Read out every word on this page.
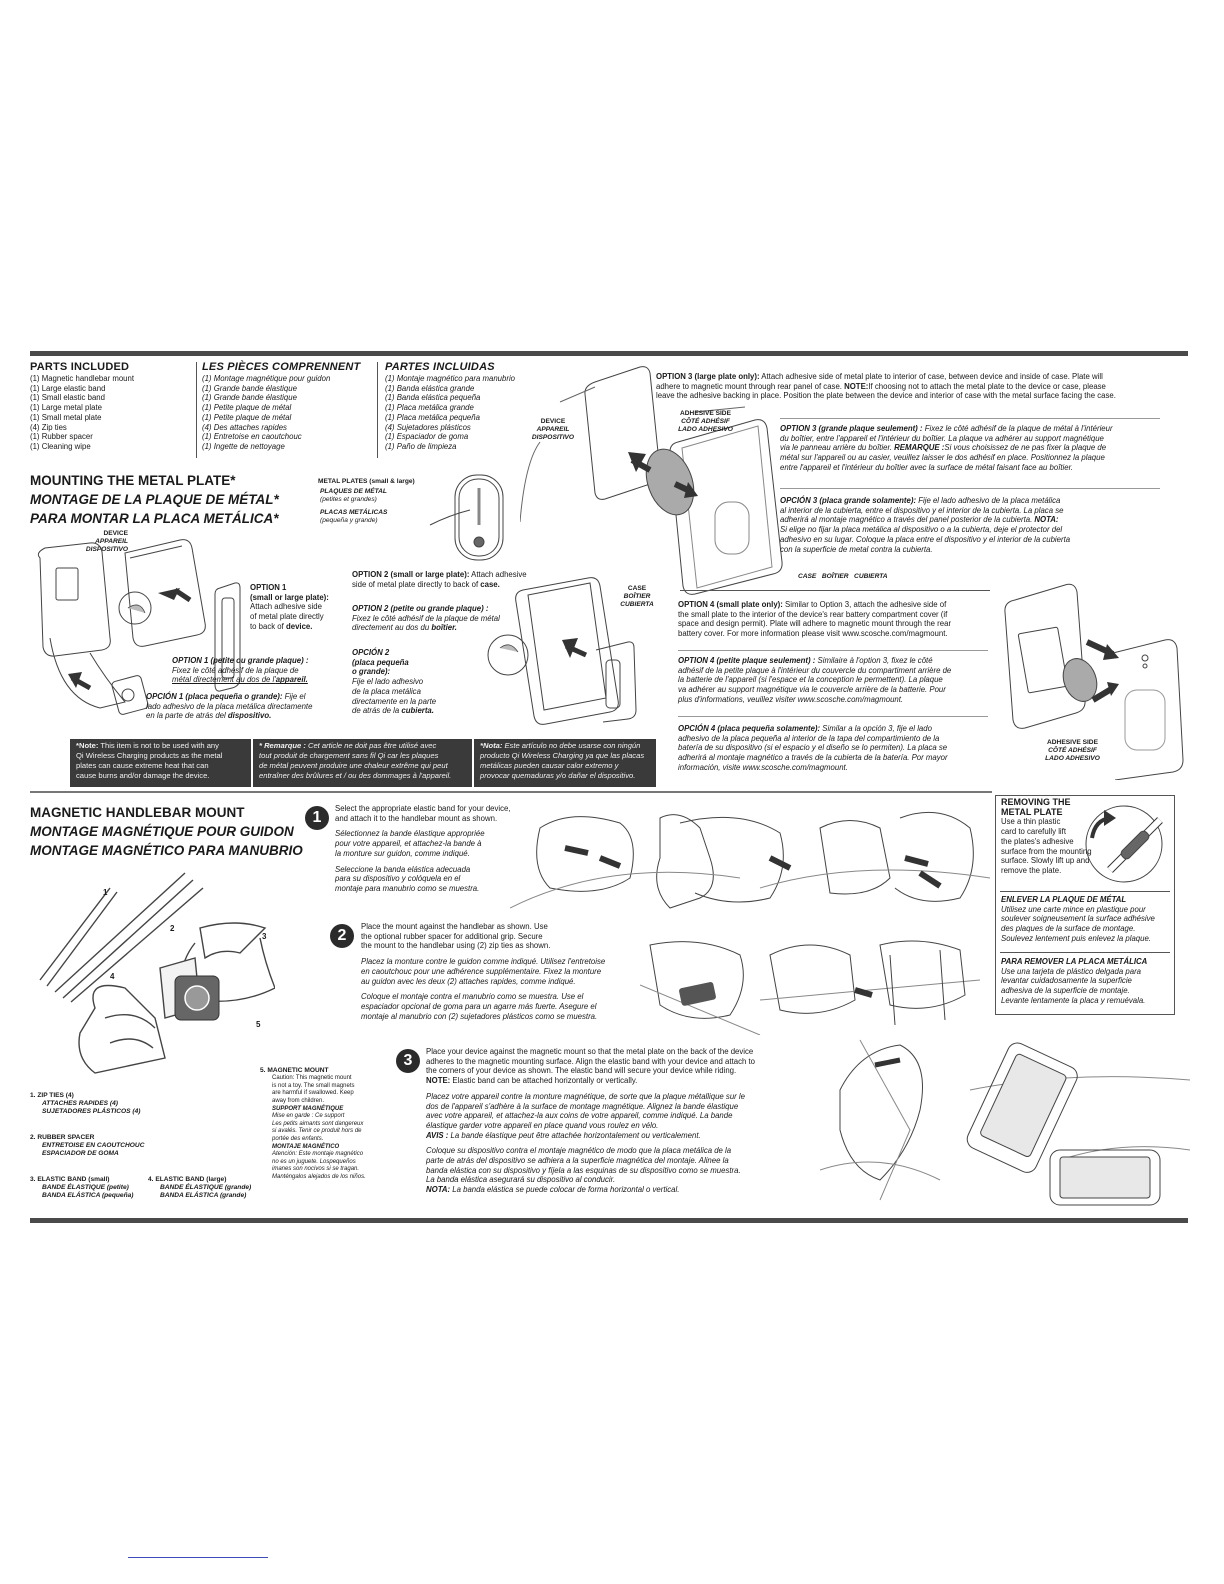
PARTS INCLUDED
(1) Magnetic handlebar mount
(1) Large elastic band
(1) Small elastic band
(1) Large metal plate
(1) Small metal plate
(4) Zip ties
(1) Rubber spacer
(1) Cleaning wipe
LES PIÈCES COMPRENNENT
(1) Montage magnétique pour guidon
(1) Grande bande élastique
(1) Grande bande élastique
(1) Petite plaque de métal
(1) Petite plaque de métal
(4) Des attaches rapides
(1) Entretoise en caoutchouc
(1) Ingette de nettoyage
PARTES INCLUIDAS
(1) Montaje magnético para manubrio
(1) Banda elástica grande
(1) Banda elástica pequeña
(1) Placa metálica grande
(1) Placa metálica pequeña
(4) Sujetadores plásticos
(1) Espaciador de goma
(1) Paño de limpieza
MOUNTING THE METAL PLATE*
MONTAGE DE LA PLAQUE DE MÉTAL*
PARA MONTAR LA PLACA METÁLICA*
DEVICE
APPAREIL
DISPOSITIVO
OPTION 1
(small or large plate):
Attach adhesive side
of metal plate directly
to back of device.
OPTION 1 (petite ou grande plaque) :
Fixez le côté adhésif de la plaque de
métal directement au dos de l'appareil.
OPCIÓN 1 (placa pequeña o grande): Fije el
lado adhesivo de la placa metálica directamente
en la parte de atrás del dispositivo.
METAL PLATES (small & large)
PLAQUES DE MÉTAL
(petites et grandes)
PLACAS METÁLICAS
(pequeña y grande)
OPTION 2 (small or large plate): Attach adhesive
side of metal plate directly to back of case.
OPTION 2 (petite ou grande plaque) :
Fixez le côté adhésif de la plaque de métal
directement au dos du boîtier.
OPCIÓN 2
(placa pequeña
o grande):
Fije el lado adhesivo
de la placa metálica
directamente en la parte
de atrás de la cubierta.
CASE
BOÎTIER
CUBIERTA
*Note: This item is not to be used with any
Qi Wireless Charging products as the metal
plates can cause extreme heat that can
cause burns and/or damage the device.
* Remarque : Cet article ne doit pas être utilisé avec
tout produit de chargement sans fil Qi car les plaques
de métal peuvent produire une chaleur extrême qui peut
entraîner des brûlures et / ou des dommages à l'appareil.
*Nota: Este artículo no debe usarse con ningún
producto Qi Wireless Charging ya que las placas
metálicas pueden causar calor extremo y
provocar quemaduras y/o dañar el dispositivo.
DEVICE
APPAREIL
DISPOSITIVO
ADHESIVE SIDE
CÔTÉ ADHÉSIF
LADO ADHESIVO
OPTION 3 (large plate only): Attach adhesive side of metal plate to interior of case, between device and inside of case. Plate will
adhere to magnetic mount through rear panel of case. NOTE:If choosing not to attach the metal plate to the device or case, please
leave the adhesive backing in place. Position the plate between the device and interior of case with the metal surface facing the case.
OPTION 3 (grande plaque seulement) : Fixez le côté adhésif de la plaque de métal à l'intérieur
du boîtier, entre l'appareil et l'intérieur du boîtier. La plaque va adhérer au support magnétique
via le panneau arrière du boîtier. REMARQUE :Si vous choisissez de ne pas fixer la plaque de
métal sur l'appareil ou au casier, veuillez laisser le dos adhésif en place. Positionnez la plaque
entre l'appareil et l'intérieur du boîtier avec la surface de métal faisant face au boîtier.
OPCIÓN 3 (placa grande solamente): Fije el lado adhesivo de la placa metálica
al interior de la cubierta, entre el dispositivo y el interior de la cubierta. La placa se
adherirá al montaje magnético a través del panel posterior de la cubierta. NOTA:
Si elige no fijar la placa metálica al dispositivo o a la cubierta, deje el protector del
adhesivo en su lugar. Coloque la placa entre el dispositivo y el interior de la cubierta
con la superficie de metal contra la cubierta.
CASE   BOÎTIER   CUBIERTA
OPTION 4 (small plate only): Similar to Option 3, attach the adhesive side of
the small plate to the interior of the device's rear battery compartment cover (if
space and design permit). Plate will adhere to magnetic mount through the rear
battery cover. For more information please visit www.scosche.com/magmount.
OPTION 4 (petite plaque seulement) : Similaire à l'option 3, fixez le côté
adhésif de la petite plaque à l'intérieur du couvercle du compartiment arrière de
la batterie de l'appareil (si l'espace et la conception le permettent). La plaque
va adhérer au support magnétique via le couvercle arrière de la batterie. Pour
plus d'informations, veuillez visiter www.scosche.com/magmount.
OPCIÓN 4 (placa pequeña solamente): Similar a la opción 3, fije el lado
adhesivo de la placa pequeña al interior de la tapa del compartimiento de la
batería de su dispositivo (si el espacio y el diseño se lo permiten). La placa se
adherirá al montaje magnético a través de la cubierta de la batería. Por mayor
información, visite www.scosche.com/magmount.
ADHESIVE SIDE
CÔTÉ ADHÉSIF
LADO ADHESIVO
MAGNETIC HANDLEBAR MOUNT
MONTAGE MAGNÉTIQUE POUR GUIDON
MONTAGE MAGNÉTICO PARA MANUBRIO
1
2
3
4
5
1. ZIP TIES (4)
ATTACHES RAPIDES (4)
SUJETADORES PLÁSTICOS (4)
2. RUBBER SPACER
ENTRETOISE EN CAOUTCHOUC
ESPACIADOR DE GOMA
3. ELASTIC BAND (small)
BANDE ÉLASTIQUE (petite)
BANDA ELÁSTICA (pequeña)
4. ELASTIC BAND (large)
BANDE ÉLASTIQUE (grande)
BANDA ELÁSTICA (grande)
5. MAGNETIC MOUNT
Caution: This magnetic mount
is not a toy. The small magnets
are harmful if swallowed. Keep
away from children.
SUPPORT MAGNÉTIQUE
Mise en garde : Ce support
Les petits aimants sont dangereux
si avalés. Tenir ce produit hors de
portée des enfants.
MONTAJE MAGNÉTICO
Atención: Este montaje magnético
no es un juguete. Lospequeños
imanes son nocivos si se tragan.
Manténgalos alejados de los niños.
1
Select the appropriate elastic band for your device,
and attach it to the handlebar mount as shown.
Sélectionnez la bande élastique appropriée
pour votre appareil, et attachez-la bande à
la monture sur guidon, comme indiqué.
Seleccione la banda elástica adecuada
para su dispositivo y colóquela en el
montaje para manubrio como se muestra.
2
Place the mount against the handlebar as shown. Use
the optional rubber spacer for additional grip. Secure
the mount to the handlebar using (2) zip ties as shown.
Placez la monture contre le guidon comme indiqué. Utilisez l'entretoise
en caoutchouc pour une adhérence supplémentaire. Fixez la monture
au guidon avec les deux (2) attaches rapides, comme indiqué.
Coloque el montaje contra el manubrio como se muestra. Use el
espaciador opcional de goma para un agarre más fuerte. Asegure el
montaje al manubrio con (2) sujetadores plásticos como se muestra.
3
Place your device against the magnetic mount so that the metal plate on the back of the device
adheres to the magnetic mounting surface. Align the elastic band with your device and attach to
the corners of your device as shown. The elastic band will secure your device while riding.
NOTE: Elastic band can be attached horizontally or vertically.
Placez votre appareil contre la monture magnétique, de sorte que la plaque métallique sur le
dos de l'appareil s'adhère à la surface de montage magnétique. Alignez la bande élastique
avec votre appareil, et attachez-la aux coins de votre appareil, comme indiqué. La bande
élastique garder votre appareil en place quand vous roulez en vélo.
AVIS : La bande élastique peut être attachée horizontalement ou verticalement.
Coloque su dispositivo contra el montaje magnético de modo que la placa metálica de la
parte de atrás del dispositivo se adhiera a la superficie magnética del montaje. Alinee la
banda elástica con su dispositivo y fíjela a las esquinas de su dispositivo como se muestra.
La banda elástica asegurará su dispositivo al conducir.
NOTA: La banda elástica se puede colocar de forma horizontal o vertical.
REMOVING THE
METAL PLATE
Use a thin plastic
card to carefully lift
the plates's adhesive
surface from the mounting
surface. Slowly lift up and
remove the plate.
ENLEVER LA PLAQUE DE MÉTAL
Utilisez une carte mince en plastique pour
soulever soigneusement la surface adhésive
des plaques de la surface de montage.
Soulevez lentement puis enlevez la plaque.
PARA REMOVER LA PLACA METÁLICA
Use una tarjeta de plástico delgada para
levantar cuidadosamente la superficie
adhesiva de la superficie de montaje.
Levante lentamente la placa y remuévala.
